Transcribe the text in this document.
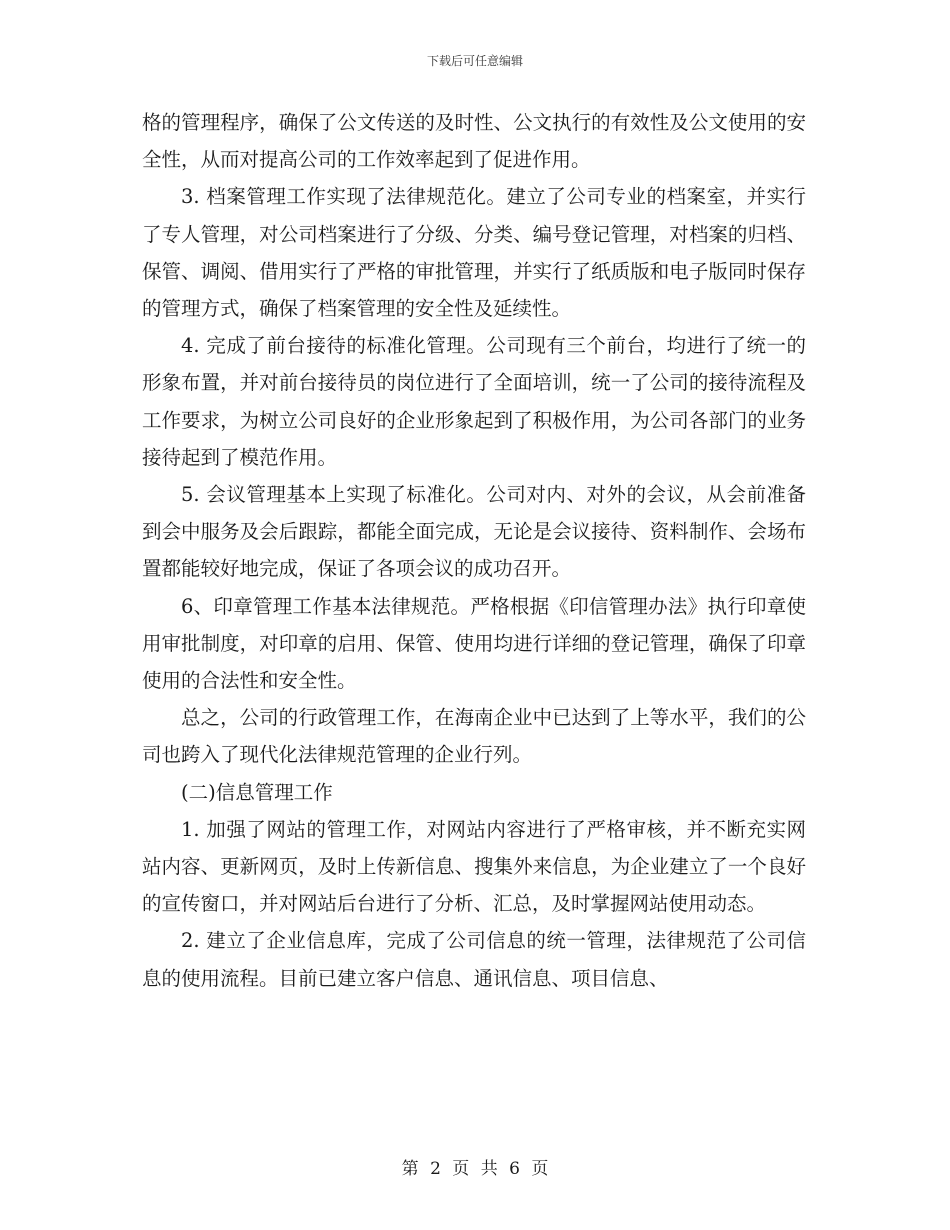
下载后可任意编辑

格的管理程序，确保了公文传送的及时性、公文执行的有效性及公文使用的安全性，从而对提高公司的工作效率起到了促进作用。

3. 档案管理工作实现了法律规范化。建立了公司专业的档案室，并实行了专人管理，对公司档案进行了分级、分类、编号登记管理，对档案的归档、保管、调阅、借用实行了严格的审批管理，并实行了纸质版和电子版同时保存的管理方式，确保了档案管理的安全性及延续性。

4. 完成了前台接待的标准化管理。公司现有三个前台，均进行了统一的形象布置，并对前台接待员的岗位进行了全面培训，统一了公司的接待流程及工作要求，为树立公司良好的企业形象起到了积极作用，为公司各部门的业务接待起到了模范作用。

5. 会议管理基本上实现了标准化。公司对内、对外的会议，从会前准备到会中服务及会后跟踪，都能全面完成，无论是会议接待、资料制作、会场布置都能较好地完成，保证了各项会议的成功召开。

6、印章管理工作基本法律规范。严格根据《印信管理办法》执行印章使用审批制度，对印章的启用、保管、使用均进行详细的登记管理，确保了印章使用的合法性和安全性。

总之，公司的行政管理工作，在海南企业中已达到了上等水平，我们的公司也跨入了现代化法律规范管理的企业行列。

(二)信息管理工作

1. 加强了网站的管理工作，对网站内容进行了严格审核，并不断充实网站内容、更新网页，及时上传新信息、搜集外来信息，为企业建立了一个良好的宣传窗口，并对网站后台进行了分析、汇总，及时掌握网站使用动态。

2. 建立了企业信息库，完成了公司信息的统一管理，法律规范了公司信息的使用流程。目前已建立客户信息、通讯信息、项目信息、

第 2 页 共 6 页
